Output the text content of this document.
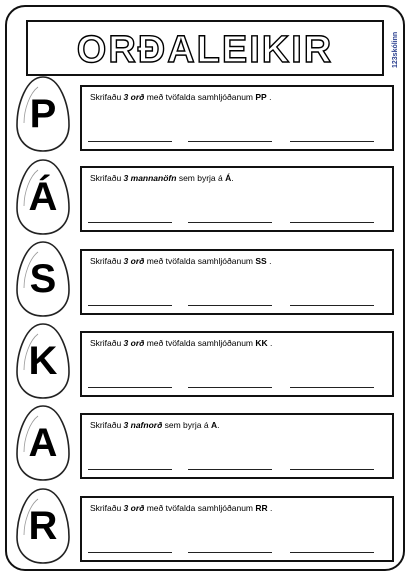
ORÐALEIKIR	123skólinn
P	Skrifaðu 3 orð með tvöfalda samhljóðanum PP .
Á	Skrifaðu 3 mannanöfn sem byrja á Á.
S	Skrifaðu 3 orð með tvöfalda samhljóðanum SS .
K	Skrifaðu 3 orð með tvöfalda samhljóðanum KK .
A	Skrifaðu 3 nafnorð sem byrja á A.
R	Skrifaðu 3 orð með tvöfalda samhljóðanum RR .
